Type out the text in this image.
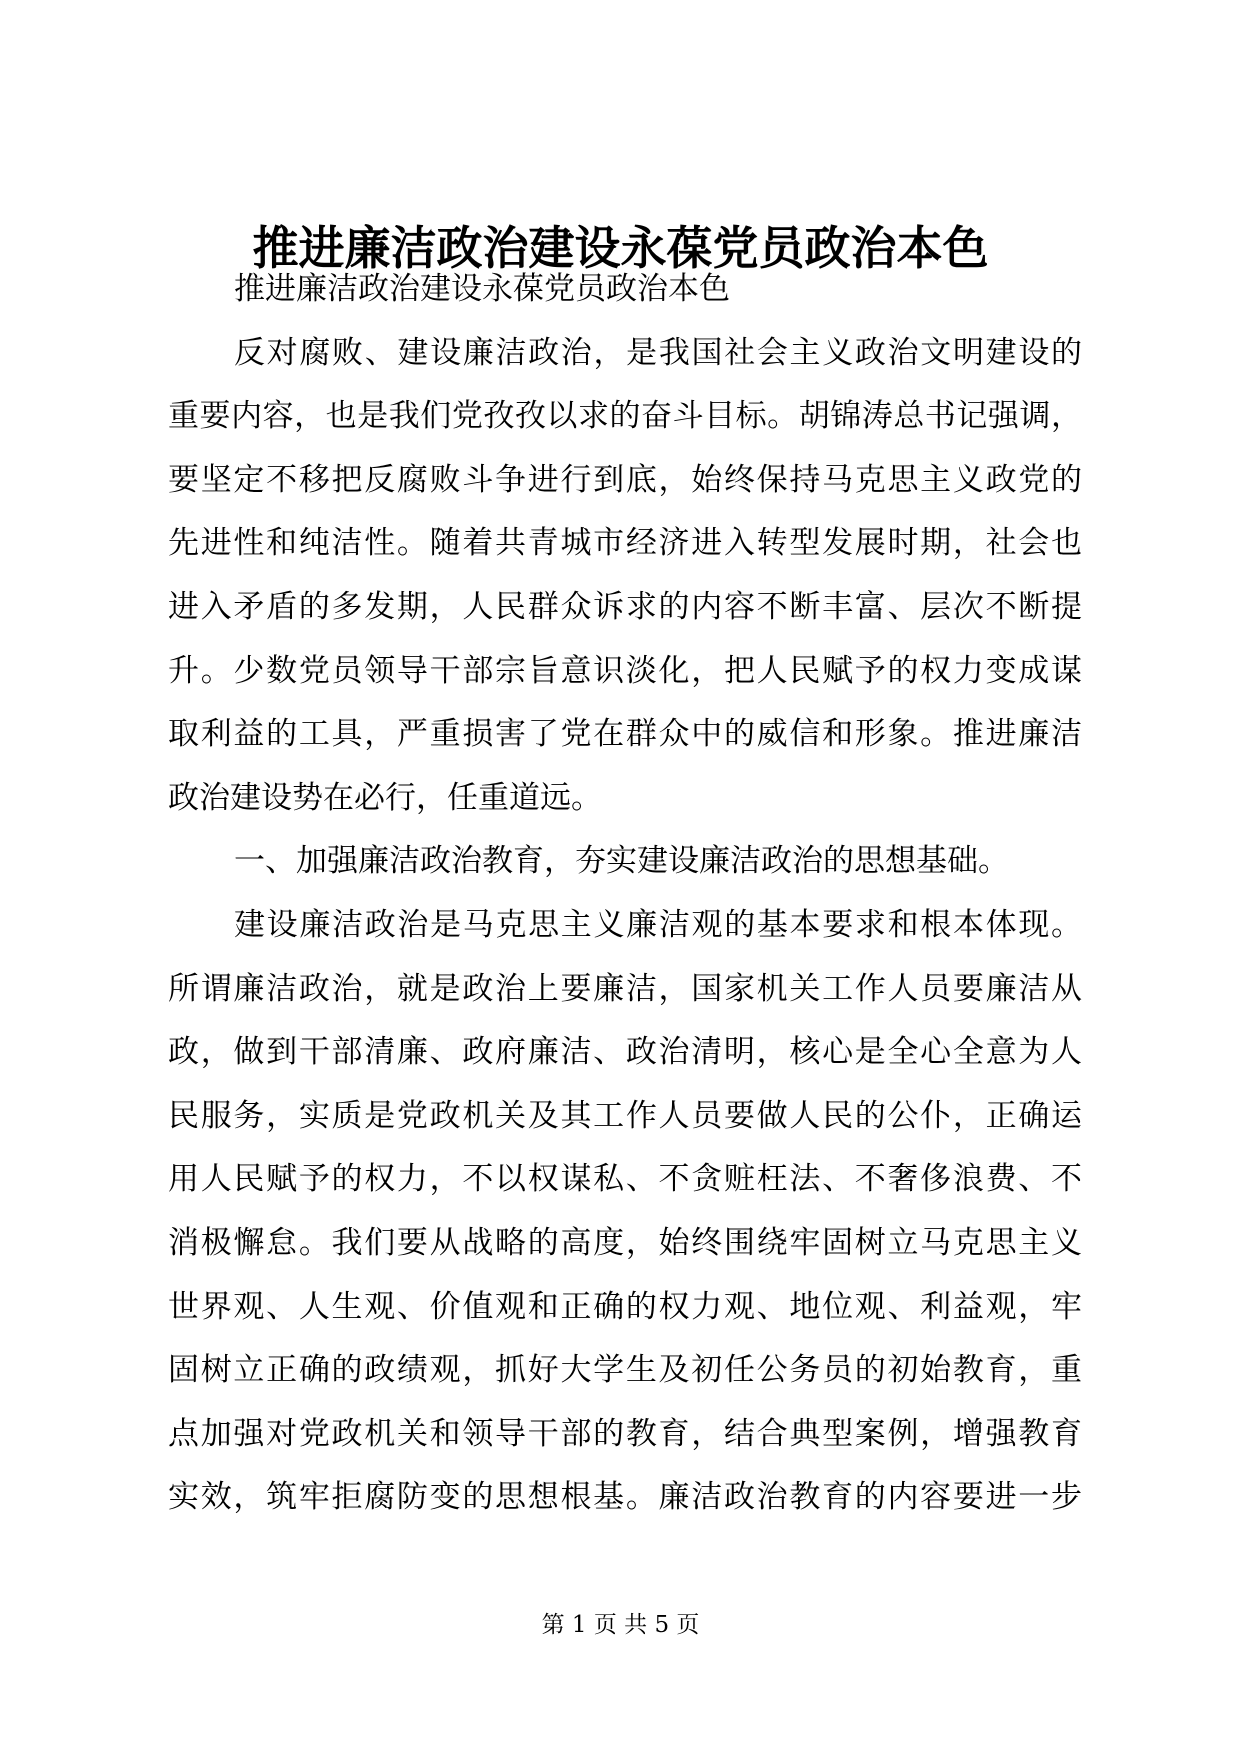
推进廉洁政治建设永葆党员政治本色
推进廉洁政治建设永葆党员政治本色
反对腐败、建设廉洁政治，是我国社会主义政治文明建设的
重要内容，也是我们党孜孜以求的奋斗目标。胡锦涛总书记强调，
要坚定不移把反腐败斗争进行到底，始终保持马克思主义政党的
先进性和纯洁性。随着共青城市经济进入转型发展时期，社会也
进入矛盾的多发期，人民群众诉求的内容不断丰富、层次不断提
升。少数党员领导干部宗旨意识淡化，把人民赋予的权力变成谋
取利益的工具，严重损害了党在群众中的威信和形象。推进廉洁
政治建设势在必行，任重道远。
一、加强廉洁政治教育，夯实建设廉洁政治的思想基础。
建设廉洁政治是马克思主义廉洁观的基本要求和根本体现。
所谓廉洁政治，就是政治上要廉洁，国家机关工作人员要廉洁从
政，做到干部清廉、政府廉洁、政治清明，核心是全心全意为人
民服务，实质是党政机关及其工作人员要做人民的公仆，正确运
用人民赋予的权力，不以权谋私、不贪赃枉法、不奢侈浪费、不
消极懈怠。我们要从战略的高度，始终围绕牢固树立马克思主义
世界观、人生观、价值观和正确的权力观、地位观、利益观，牢
固树立正确的政绩观，抓好大学生及初任公务员的初始教育，重
点加强对党政机关和领导干部的教育，结合典型案例，增强教育
实效，筑牢拒腐防变的思想根基。廉洁政治教育的内容要进一步
第 1 页 共 5 页
